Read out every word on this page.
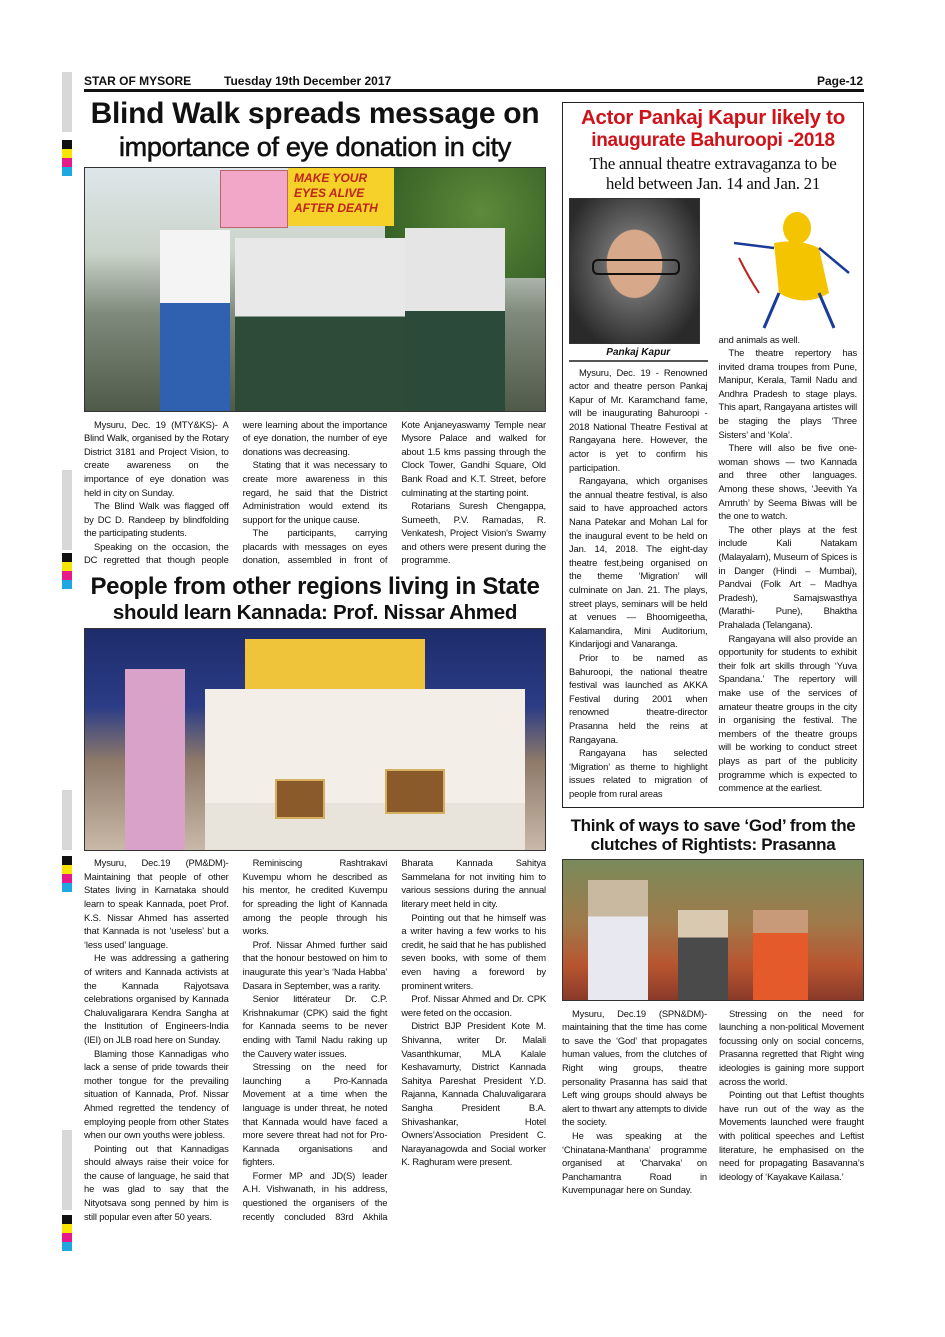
STAR OF MYSORE	Tuesday 19th December 2017	Page-12
Blind Walk spreads message on
importance of eye donation in city
MAKE YOUR EYES ALIVE AFTER DEATH

Mysuru, Dec. 19 (MTY&KS)- A Blind Walk, organised by the Rotary District 3181 and Project Vision, to create awareness on the importance of eye donation was held in city on Sunday.

The Blind Walk was flagged off by DC D. Randeep by blindfolding the participating students.

Speaking on the occasion, the DC regretted that though people were learning about the importance of eye donation, the number of eye donations was decreasing.

Stating that it was necessary to create more awareness in this regard, he said that the District Administration would extend its support for the unique cause.

The participants, carrying placards with messages on eyes donation, assembled in front of Kote Anjaneyaswamy Temple near Mysore Palace and walked for about 1.5 kms passing through the Clock Tower, Gandhi Square, Old Bank Road and K.T. Street, before culminating at the starting point.

Rotarians Suresh Chengappa, Sumeeth, P.V. Ramadas, R. Venkatesh, Project Vision's Swamy and others were present during the programme.

People from other regions living in State
should learn Kannada: Prof. Nissar Ahmed

Mysuru, Dec.19 (PM&DM)- Maintaining that people of other States living in Karnataka should learn to speak Kannada, poet Prof. K.S. Nissar Ahmed has asserted that Kannada is not ‘useless’ but a ‘less used’ language.

He was addressing a gathering of writers and Kannada activists at the Kannada Rajyotsava celebrations organised by Kannada Chaluvaligarara Kendra Sangha at the Institution of Engineers-India (IEI) on JLB road here on Sunday.

Blaming those Kannadigas who lack a sense of pride towards their mother tongue for the prevailing situation of Kannada, Prof. Nissar Ahmed regretted the tendency of employing people from other States when our own youths were jobless.

Pointing out that Kannadigas should always raise their voice for the cause of language, he said that he was glad to say that the Nityotsava song penned by him is still popular even after 50 years.

Reminiscing Rashtrakavi Kuvempu whom he described as his mentor, he credited Kuvempu for spreading the light of Kannada among the people through his works.

Prof. Nissar Ahmed further said that the honour bestowed on him to inaugurate this year’s ‘Nada Habba’ Dasara in September, was a rarity.

Senior littérateur Dr. C.P. Krishnakumar (CPK) said the fight for Kannada seems to be never ending with Tamil Nadu raking up the Cauvery water issues.

Stressing on the need for launching a Pro-Kannada Movement at a time when the language is under threat, he noted that Kannada would have faced a more severe threat had not for Pro-Kannada organisations and fighters.

Former MP and JD(S) leader A.H. Vishwanath, in his address, questioned the organisers of the recently concluded 83rd Akhila Bharata Kannada Sahitya Sammelana for not inviting him to various sessions during the annual literary meet held in city.

Pointing out that he himself was a writer having a few works to his credit, he said that he has published seven books, with some of them even having a foreword by prominent writers.

Prof. Nissar Ahmed and Dr. CPK were feted on the occasion.

District BJP President Kote M. Shivanna, writer Dr. Malali Vasanthkumar, MLA Kalale Keshavamurty, District Kannada Sahitya Pareshat President Y.D. Rajanna, Kannada Chaluvaligarara Sangha President B.A. Shivashankar, Hotel Owners’Association President C. Narayanagowda and Social worker K. Raghuram were present.

Actor Pankaj Kapur likely to
inaugurate Bahuroopi -2018
The annual theatre extravaganza to be
held between Jan. 14 and Jan. 21
Pankaj Kapur

Mysuru, Dec. 19 - Renowned actor and theatre person Pankaj Kapur of Mr. Karamchand fame, will be inaugurating Bahuroopi - 2018 National Theatre Festival at Rangayana here. However, the actor is yet to confirm his participation.

Rangayana, which organises the annual theatre festival, is also said to have approached actors Nana Patekar and Mohan Lal for the inaugural event to be held on Jan. 14, 2018. The eight-day theatre fest,being organised on the theme ‘Migration’ will culminate on Jan. 21. The plays, street plays, seminars will be held at venues — Bhoomigeetha, Kalamandira, Mini Auditorium, Kindarijogi and Vanaranga.

Prior to be named as Bahuroopi, the national theatre festival was launched as AKKA Festival during 2001 when renowned theatre-director Prasanna held the reins at Rangayana.

Rangayana has selected ‘Migration’ as theme to highlight issues related to migration of people from rural areas

and animals as well.

The theatre repertory has invited drama troupes from Pune, Manipur, Kerala, Tamil Nadu and Andhra Pradesh to stage plays. This apart, Rangayana artistes will be staging the plays ‘Three Sisters’ and ‘Kola’.

There will also be five one-woman shows — two Kannada and three other languages. Among these shows, ‘Jeevith Ya Amruth’ by Seema Biwas will be the one to watch.

The other plays at the fest include Kali Natakam (Malayalam), Museum of Spices is in Danger (Hindi – Mumbai), Pandvai (Folk Art – Madhya Pradesh), Samajswasthya (Marathi- Pune), Bhaktha Prahalada (Telangana).

Rangayana will also provide an opportunity for students to exhibit their folk art skills through ‘Yuva Spandana.’ The repertory will make use of the services of amateur theatre groups in the city in organising the festival. The members of the theatre groups will be working to conduct street plays as part of the publicity programme which is expected to commence at the earliest.

Think of ways to save ‘God’ from the
clutches of Rightists: Prasanna

Mysuru, Dec.19 (SPN&DM)- maintaining that the time has come to save the ‘God’ that propagates human values, from the clutches of Right wing groups, theatre personality Prasanna has said that Left wing groups should always be alert to thwart any attempts to divide the society.

He was speaking at the ‘Chinatana-Manthana’ programme organised at ‘Charvaka’ on Panchamantra Road in Kuvempunagar here on Sunday.

Stressing on the need for launching a non-political Movement focussing only on social concerns, Prasanna regretted that Right wing ideologies is gaining more support across the world.

Pointing out that Leftist thoughts have run out of the way as the Movements launched were fraught with political speeches and Leftist literature, he emphasised on the need for propagating Basavanna’s ideology of ‘Kayakave Kailasa.’
